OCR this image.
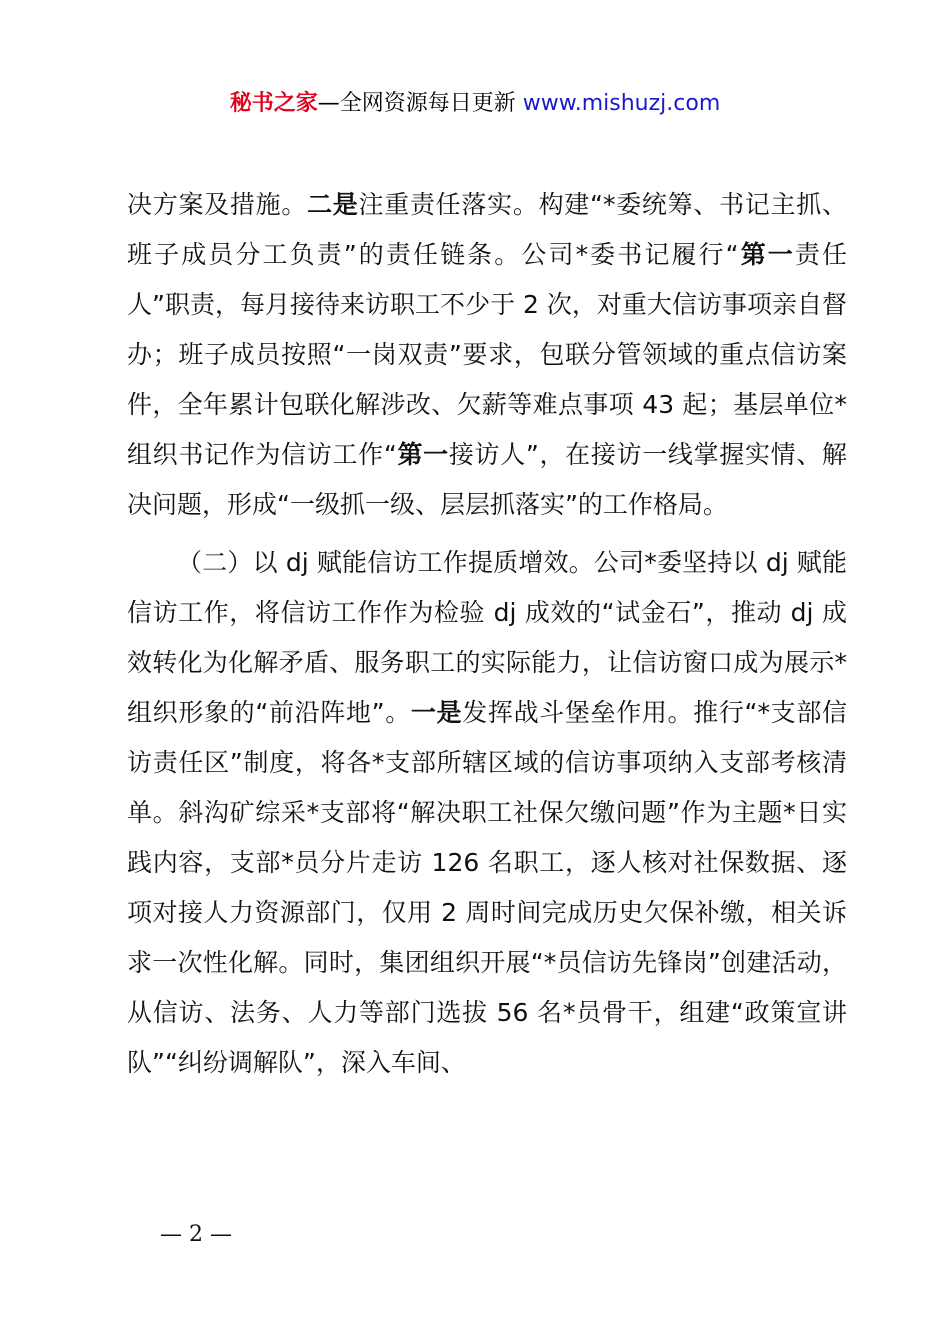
秘书之家—全网资源每日更新 www.mishuzj.com

决方案及措施。二是注重责任落实。构建“*委统筹、书记主抓、班子成员分工负责”的责任链条。公司*委书记履行“第一责任人”职责，每月接待来访职工不少于 2 次，对重大信访事项亲自督办；班子成员按照“一岗双责”要求，包联分管领域的重点信访案件，全年累计包联化解涉改、欠薪等难点事项 43 起；基层单位*组织书记作为信访工作“第一接访人”，在接访一线掌握实情、解决问题，形成“一级抓一级、层层抓落实”的工作格局。

（二）以 dj 赋能信访工作提质增效。公司*委坚持以 dj 赋能信访工作，将信访工作作为检验 dj 成效的“试金石”，推动 dj 成效转化为化解矛盾、服务职工的实际能力，让信访窗口成为展示*组织形象的“前沿阵地”。一是发挥战斗堡垒作用。推行“*支部信访责任区”制度，将各*支部所辖区域的信访事项纳入支部考核清单。斜沟矿综采*支部将“解决职工社保欠缴问题”作为主题*日实践内容，支部*员分片走访 126 名职工，逐人核对社保数据、逐项对接人力资源部门，仅用 2 周时间完成历史欠保补缴，相关诉求一次性化解。同时，集团组织开展“*员信访先锋岗”创建活动，从信访、法务、人力等部门选拔 56 名*员骨干，组建“政策宣讲队”“纠纷调解队”，深入车间、

— 2 —
